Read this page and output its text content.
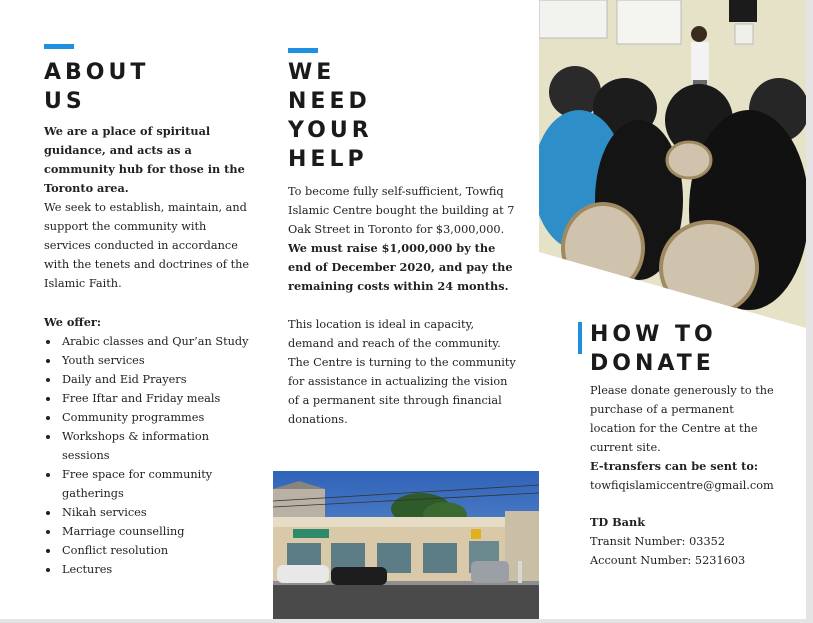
ABOUT
US
We are a place of spiritual guidance, and acts as a community hub for those in the Toronto area.
We seek to establish, maintain, and support the community with services conducted in accordance with the tenets and doctrines of the Islamic Faith.
We offer:
Arabic classes and Qur’an Study
Youth services
Daily and Eid Prayers
Free Iftar and Friday meals
Community programmes
Workshops & information sessions
Free space for community gatherings
Nikah services
Marriage counselling
Conflict resolution
Lectures
WE
NEED
YOUR
HELP
To become fully self-sufficient, Towfiq Islamic Centre bought the building at 7 Oak Street in Toronto for $3,000,000. We must raise $1,000,000 by the end of December 2020, and pay the remaining costs within 24 months.
This location is ideal in capacity, demand and reach of the community. The Centre is turning to the community for assistance in actualizing the vision of a permanent site through financial donations.
HOW TO
DONATE
Please donate generously to the purchase of a permanent location for the Centre at the current site.
E-transfers can be sent to:
towfiqislamiccentre@gmail.com
TD Bank
Transit Number: 03352
Account Number: 5231603
